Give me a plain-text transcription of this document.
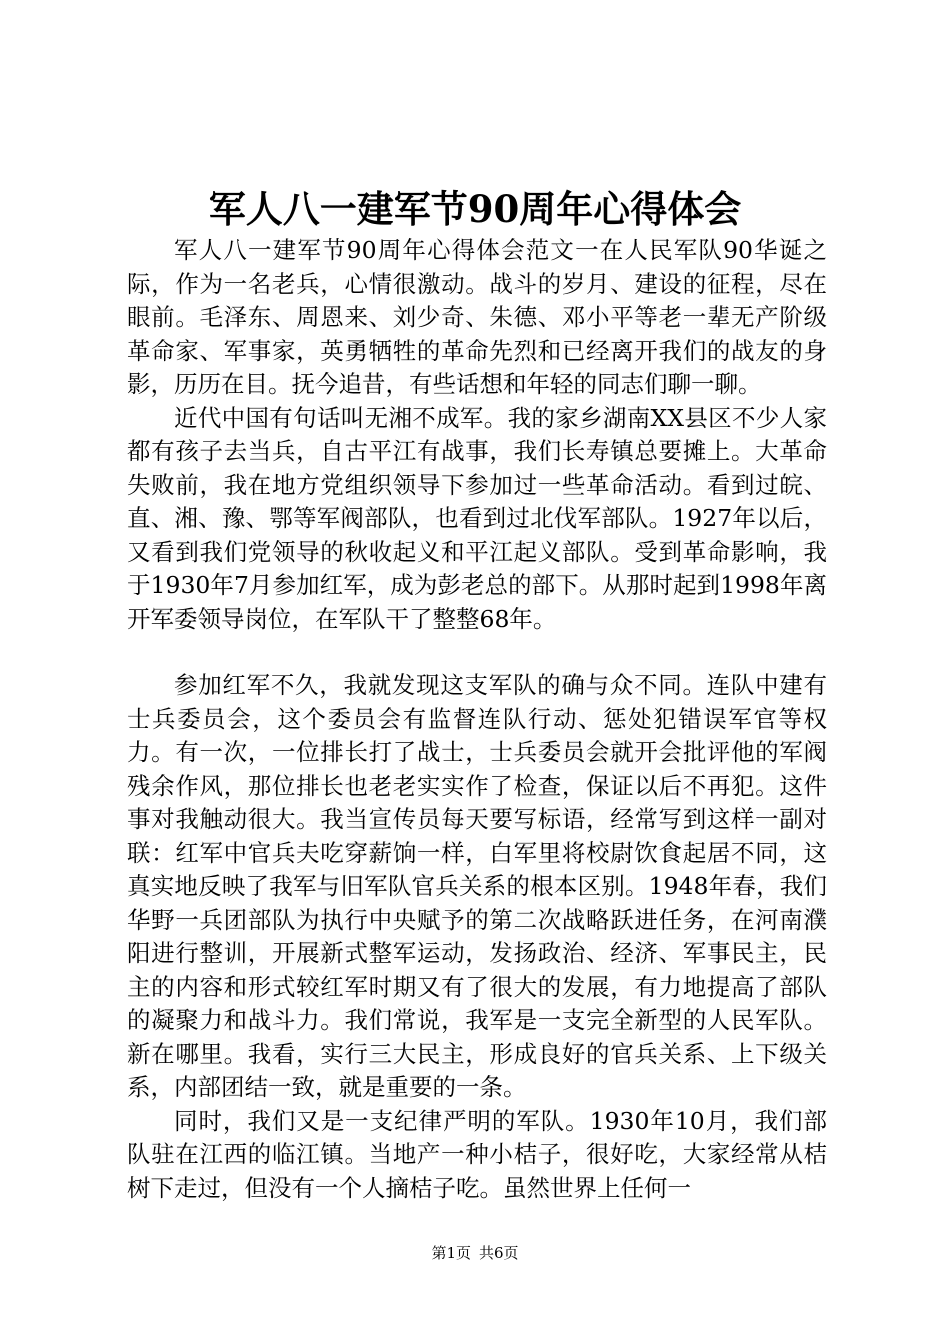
军人八一建军节90周年心得体会

军人八一建军节90周年心得体会范文一在人民军队90华诞之际，作为一名老兵，心情很激动。战斗的岁月、建设的征程，尽在眼前。毛泽东、周恩来、刘少奇、朱德、邓小平等老一辈无产阶级革命家、军事家，英勇牺牲的革命先烈和已经离开我们的战友的身影，历历在目。抚今追昔，有些话想和年轻的同志们聊一聊。

近代中国有句话叫无湘不成军。我的家乡湖南XX县区不少人家都有孩子去当兵，自古平江有战事，我们长寿镇总要摊上。大革命失败前，我在地方党组织领导下参加过一些革命活动。看到过皖、直、湘、豫、鄂等军阀部队，也看到过北伐军部队。1927年以后，又看到我们党领导的秋收起义和平江起义部队。受到革命影响，我于1930年7月参加红军，成为彭老总的部下。从那时起到1998年离开军委领导岗位，在军队干了整整68年。

参加红军不久，我就发现这支军队的确与众不同。连队中建有士兵委员会，这个委员会有监督连队行动、惩处犯错误军官等权力。有一次，一位排长打了战士，士兵委员会就开会批评他的军阀残余作风，那位排长也老老实实作了检查，保证以后不再犯。这件事对我触动很大。我当宣传员每天要写标语，经常写到这样一副对联：红军中官兵夫吃穿薪饷一样，白军里将校尉饮食起居不同，这真实地反映了我军与旧军队官兵关系的根本区别。1948年春，我们华野一兵团部队为执行中央赋予的第二次战略跃进任务，在河南濮阳进行整训，开展新式整军运动，发扬政治、经济、军事民主，民主的内容和形式较红军时期又有了很大的发展，有力地提高了部队的凝聚力和战斗力。我们常说，我军是一支完全新型的人民军队。新在哪里。我看，实行三大民主，形成良好的官兵关系、上下级关系，内部团结一致，就是重要的一条。

同时，我们又是一支纪律严明的军队。1930年10月，我们部队驻在江西的临江镇。当地产一种小桔子，很好吃，大家经常从桔树下走过，但没有一个人摘桔子吃。虽然世界上任何一

第1页 共6页
